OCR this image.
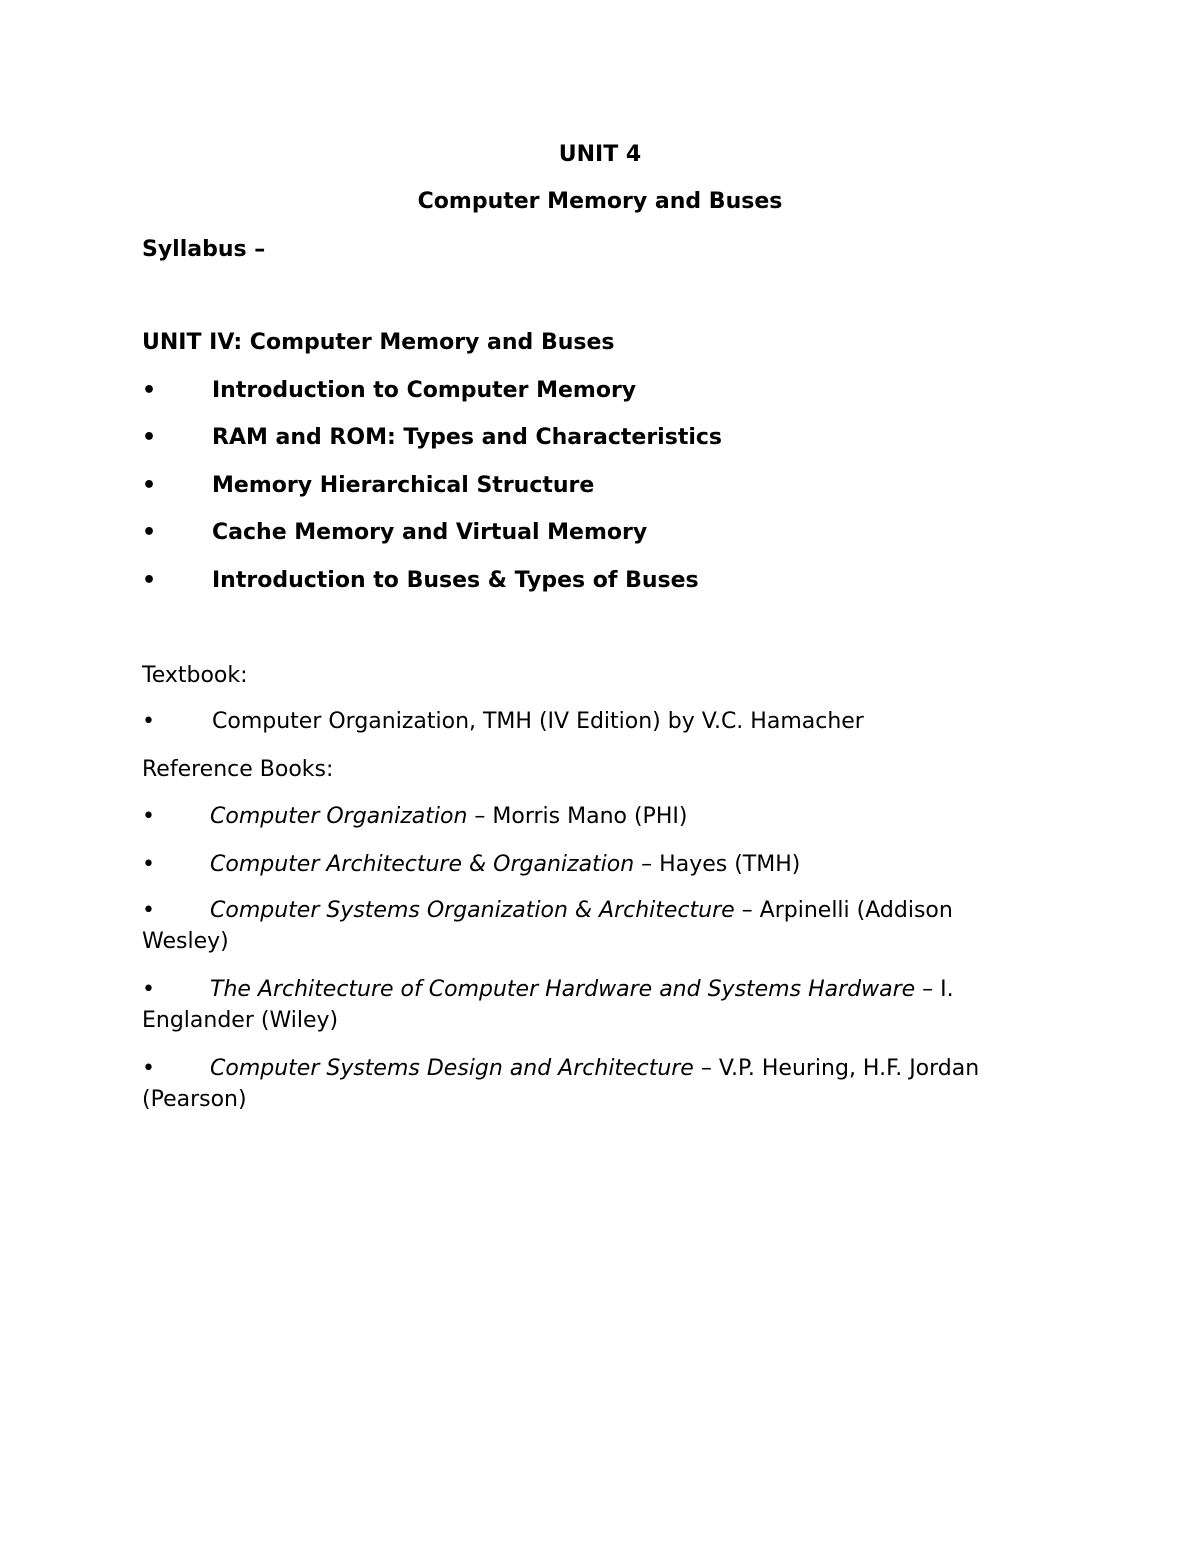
UNIT 4
Computer Memory and Buses
Syllabus –
UNIT IV: Computer Memory and Buses
•	Introduction to Computer Memory
•	RAM and ROM: Types and Characteristics
•	Memory Hierarchical Structure
•	Cache Memory and Virtual Memory
•	Introduction to Buses & Types of Buses
Textbook:
•	Computer Organization, TMH (IV Edition) by V.C. Hamacher
Reference Books:
•	Computer Organization – Morris Mano (PHI)
•	Computer Architecture & Organization – Hayes (TMH)
•	Computer Systems Organization & Architecture – Arpinelli (Addison Wesley)
•	The Architecture of Computer Hardware and Systems Hardware – I. Englander (Wiley)
•	Computer Systems Design and Architecture – V.P. Heuring, H.F. Jordan (Pearson)
